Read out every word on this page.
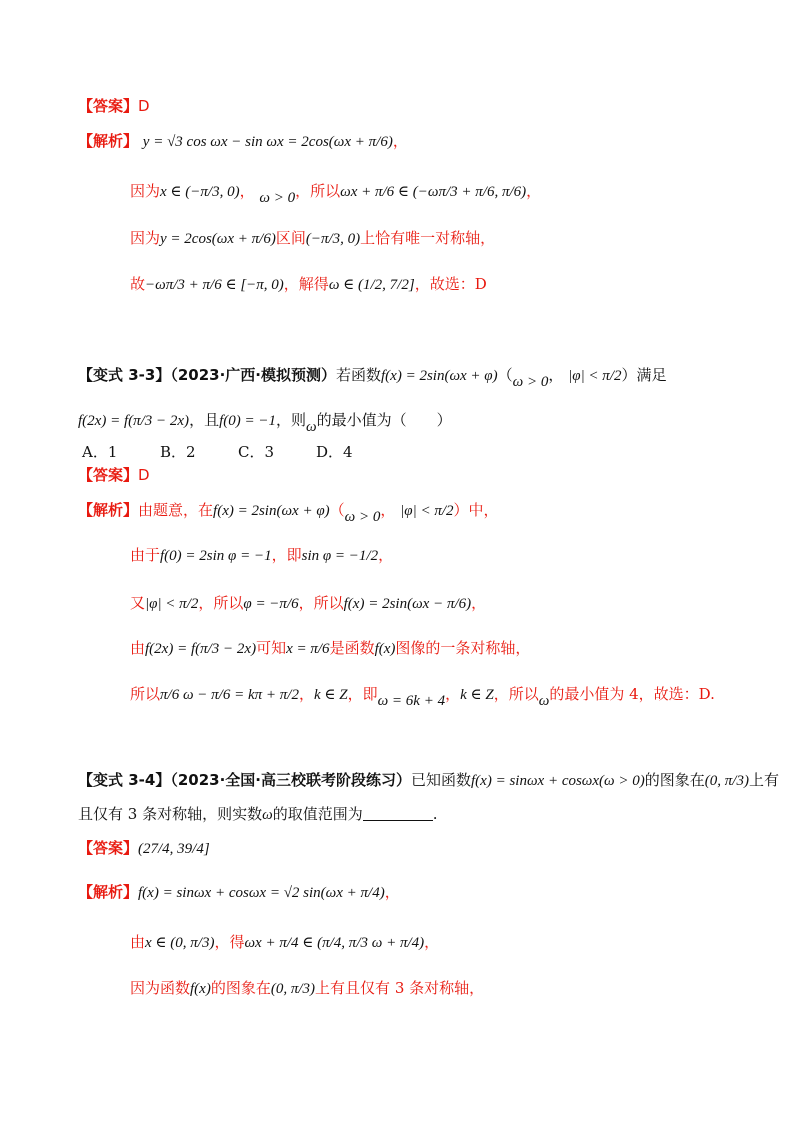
【答案】D
【解析】 y = √3 cos ωx − sin ωx = 2cos(ωx + π/6)，
因为x ∈ (−π/3, 0)， ω > 0，所以ωx + π/6 ∈ (−ωπ/3 + π/6, π/6)，
因为y = 2cos(ωx + π/6)区间(−π/3, 0)上恰有唯一对称轴，
故−ωπ/3 + π/6 ∈ [−π, 0)，解得ω ∈ (1/2, 7/2]，故选：D
【变式 3-3】（2023·广西·模拟预测）若函数f(x) = 2sin(ωx + φ)（ω > 0， |φ| < π/2）满足
f(2x) = f(π/3 − 2x)，且f(0) = −1，则ω的最小值为（　　）
A．1	B．2	C．3	D．4
【答案】D
【解析】由题意，在f(x) = 2sin(ωx + φ)（ω > 0， |φ| < π/2）中，
由于f(0) = 2sin φ = −1，即sin φ = −1/2，
又|φ| < π/2，所以φ = −π/6，所以f(x) = 2sin(ωx − π/6)，
由f(2x) = f(π/3 − 2x)可知x = π/6是函数f(x)图像的一条对称轴，
所以π/6 ω − π/6 = kπ + π/2，k ∈ Z，即ω = 6k + 4，k ∈ Z，所以ω的最小值为 4，故选：D.
【变式 3-4】（2023·全国·高三校联考阶段练习）已知函数f(x) = sinωx + cosωx(ω > 0)的图象在(0, π/3)上有
且仅有 3 条对称轴，则实数ω的取值范围为	.
【答案】(27/4, 39/4]
【解析】f(x) = sinωx + cosωx = √2 sin(ωx + π/4)，
由x ∈ (0, π/3)，得ωx + π/4 ∈ (π/4, π/3 ω + π/4)，
因为函数f(x)的图象在(0, π/3)上有且仅有 3 条对称轴，
